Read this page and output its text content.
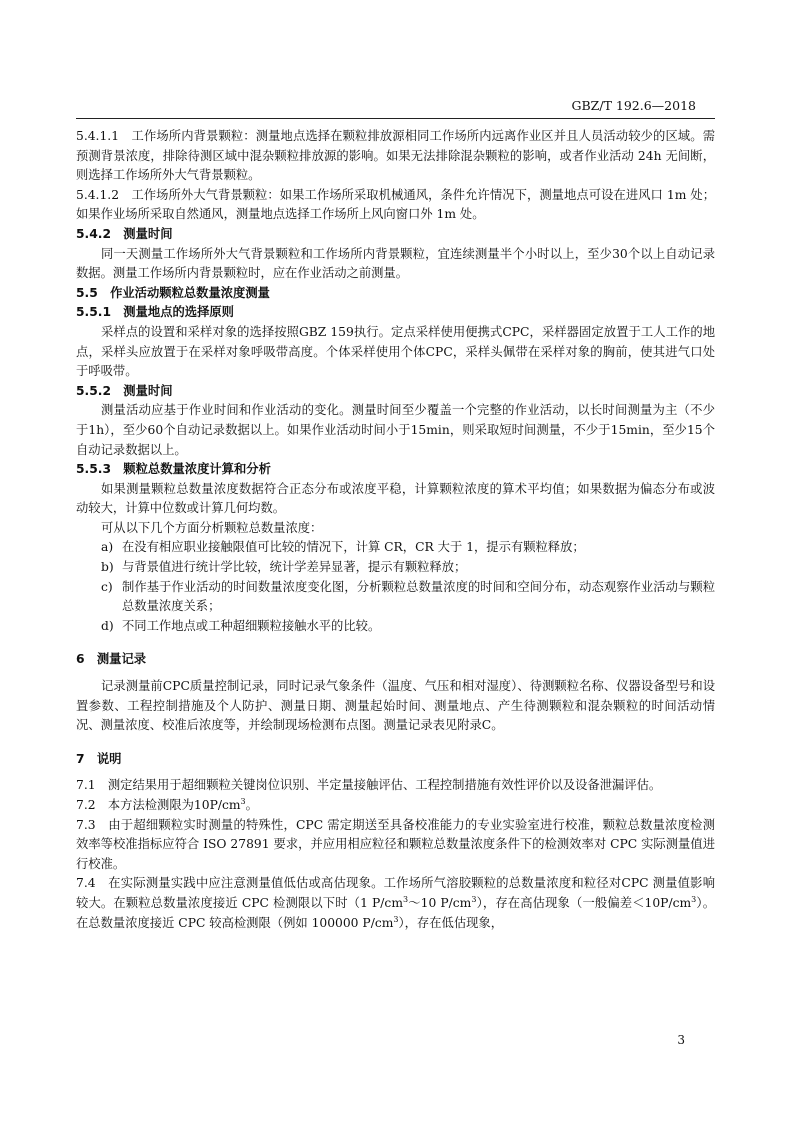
GBZ/T 192.6—2018

5.4.1.1　工作场所内背景颗粒：测量地点选择在颗粒排放源相同工作场所内远离作业区并且人员活动较少的区域。需预测背景浓度，排除待测区域中混杂颗粒排放源的影响。如果无法排除混杂颗粒的影响，或者作业活动 24h 无间断，则选择工作场所外大气背景颗粒。

5.4.1.2　工作场所外大气背景颗粒：如果工作场所采取机械通风，条件允许情况下，测量地点可设在进风口 1m 处；如果作业场所采取自然通风，测量地点选择工作场所上风向窗口外 1m 处。

5.4.2　测量时间

同一天测量工作场所外大气背景颗粒和工作场所内背景颗粒，宜连续测量半个小时以上，至少30个以上自动记录数据。测量工作场所内背景颗粒时，应在作业活动之前测量。

5.5　作业活动颗粒总数量浓度测量

5.5.1　测量地点的选择原则

采样点的设置和采样对象的选择按照GBZ 159执行。定点采样使用便携式CPC，采样器固定放置于工人工作的地点，采样头应放置于在采样对象呼吸带高度。个体采样使用个体CPC，采样头佩带在采样对象的胸前，使其进气口处于呼吸带。

5.5.2　测量时间

测量活动应基于作业时间和作业活动的变化。测量时间至少覆盖一个完整的作业活动，以长时间测量为主（不少于1h），至少60个自动记录数据以上。如果作业活动时间小于15min，则采取短时间测量，不少于15min，至少15个自动记录数据以上。

5.5.3　颗粒总数量浓度计算和分析

如果测量颗粒总数量浓度数据符合正态分布或浓度平稳，计算颗粒浓度的算术平均值；如果数据为偏态分布或波动较大，计算中位数或计算几何均数。

可从以下几个方面分析颗粒总数量浓度：

a) 在没有相应职业接触限值可比较的情况下，计算 CR，CR 大于 1，提示有颗粒释放；
b) 与背景值进行统计学比较，统计学差异显著，提示有颗粒释放；
c) 制作基于作业活动的时间数量浓度变化图，分析颗粒总数量浓度的时间和空间分布，动态观察作业活动与颗粒总数量浓度关系；
d) 不同工作地点或工种超细颗粒接触水平的比较。

6　测量记录

记录测量前CPC质量控制记录，同时记录气象条件（温度、气压和相对湿度）、待测颗粒名称、仪器设备型号和设置参数、工程控制措施及个人防护、测量日期、测量起始时间、测量地点、产生待测颗粒和混杂颗粒的时间活动情况、测量浓度、校准后浓度等，并绘制现场检测布点图。测量记录表见附录C。

7　说明

7.1　测定结果用于超细颗粒关键岗位识别、半定量接触评估、工程控制措施有效性评价以及设备泄漏评估。

7.2　本方法检测限为$10P/cm^3$。

7.3　由于超细颗粒实时测量的特殊性，CPC 需定期送至具备校准能力的专业实验室进行校准，颗粒总数量浓度检测效率等校准指标应符合 ISO 27891 要求，并应用相应粒径和颗粒总数量浓度条件下的检测效率对 CPC 实际测量值进行校准。

7.4　在实际测量实践中应注意测量值低估或高估现象。工作场所气溶胶颗粒的总数量浓度和粒径对CPC 测量值影响较大。在颗粒总数量浓度接近 CPC 检测限以下时（1 $P/cm^3\sim 10$ $P/cm^3$），存在高估现象（一般偏差$<10P/cm^3$）。在总数量浓度接近 CPC 较高检测限（例如 100000 $P/cm^3$），存在低估现象，

3
